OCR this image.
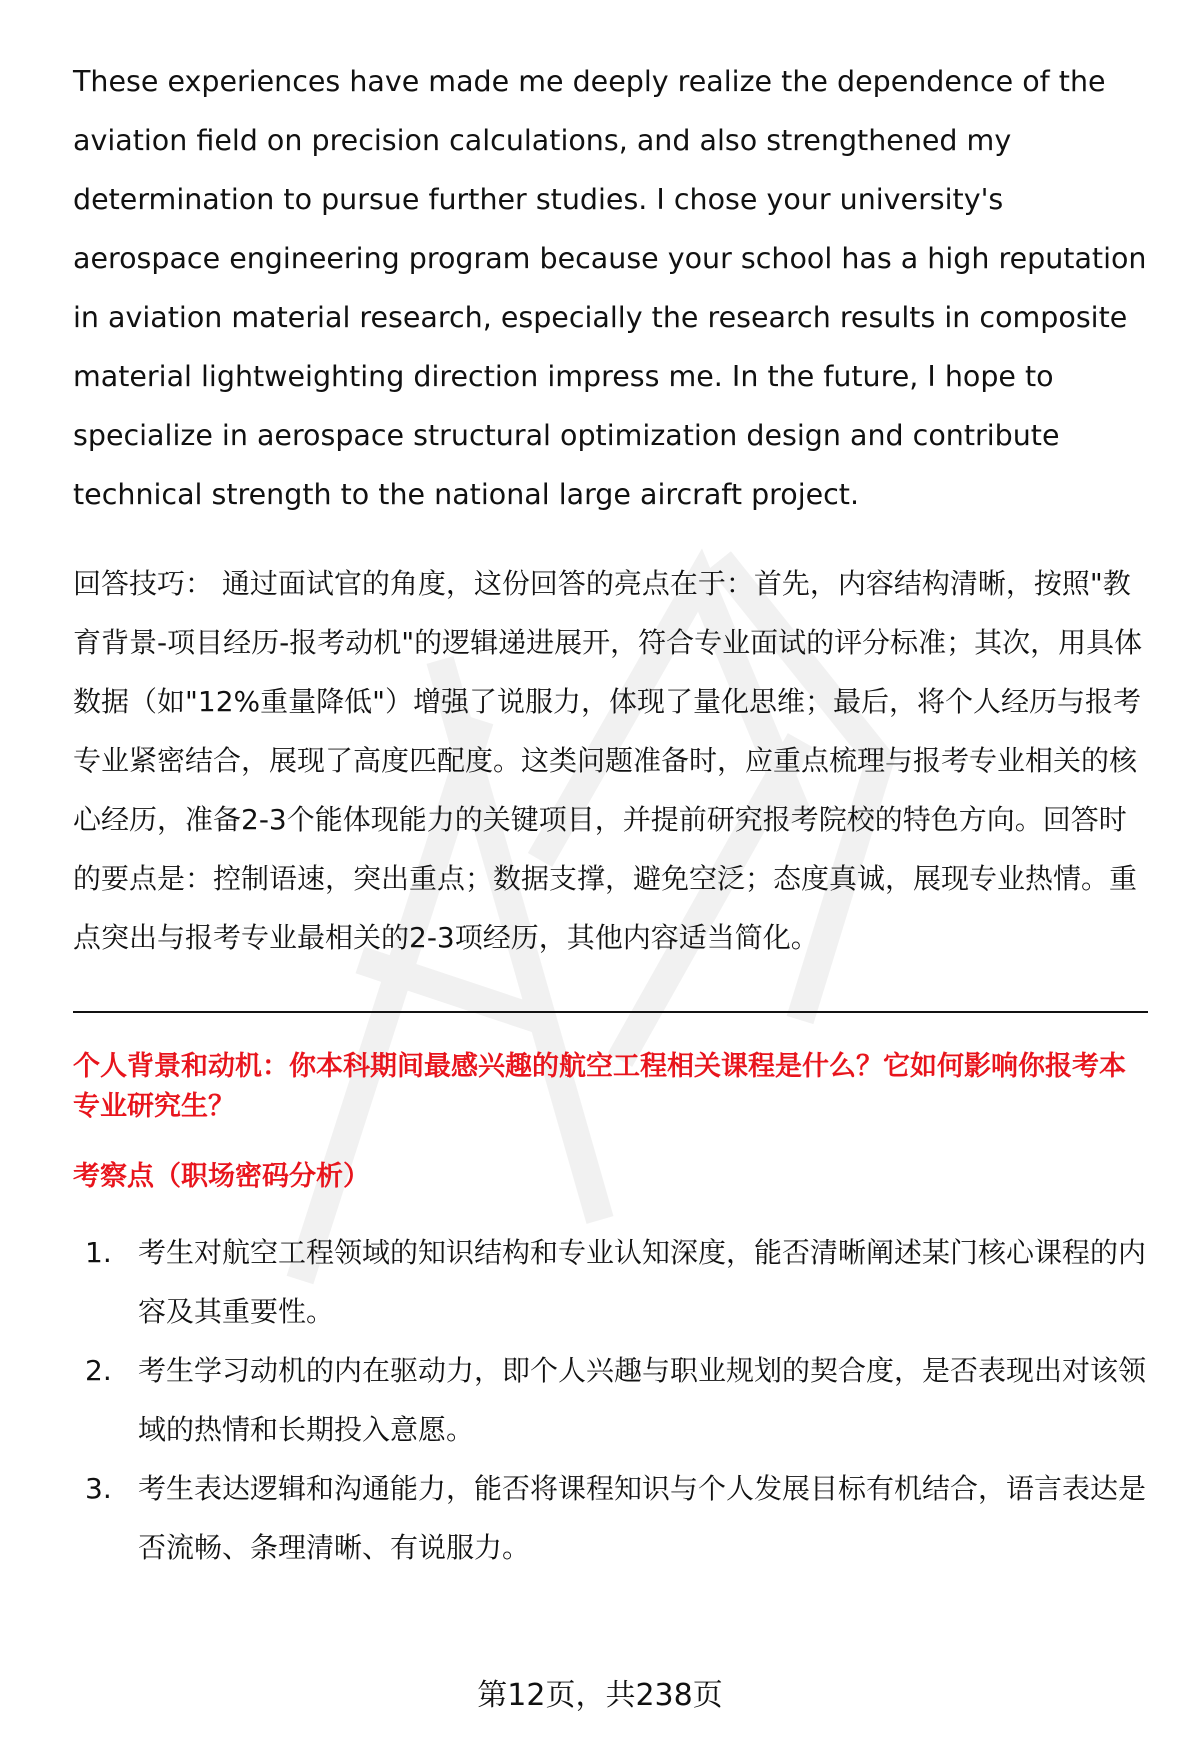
These experiences have made me deeply realize the dependence of the aviation field on precision calculations, and also strengthened my determination to pursue further studies. I chose your university's aerospace engineering program because your school has a high reputation in aviation material research, especially the research results in composite material lightweighting direction impress me. In the future, I hope to specialize in aerospace structural optimization design and contribute technical strength to the national large aircraft project.

回答技巧： 通过面试官的角度，这份回答的亮点在于：首先，内容结构清晰，按照"教育背景-项目经历-报考动机"的逻辑递进展开，符合专业面试的评分标准；其次，用具体数据（如"12%重量降低"）增强了说服力，体现了量化思维；最后，将个人经历与报考专业紧密结合，展现了高度匹配度。这类问题准备时，应重点梳理与报考专业相关的核心经历，准备2-3个能体现能力的关键项目，并提前研究报考院校的特色方向。回答时的要点是：控制语速，突出重点；数据支撑，避免空泛；态度真诚，展现专业热情。重点突出与报考专业最相关的2-3项经历，其他内容适当简化。

个人背景和动机：你本科期间最感兴趣的航空工程相关课程是什么？它如何影响你报考本专业研究生？
考察点（职场密码分析）
1. 考生对航空工程领域的知识结构和专业认知深度，能否清晰阐述某门核心课程的内容及其重要性。
2. 考生学习动机的内在驱动力，即个人兴趣与职业规划的契合度，是否表现出对该领域的热情和长期投入意愿。
3. 考生表达逻辑和沟通能力，能否将课程知识与个人发展目标有机结合，语言表达是否流畅、条理清晰、有说服力。
第12页，共238页
